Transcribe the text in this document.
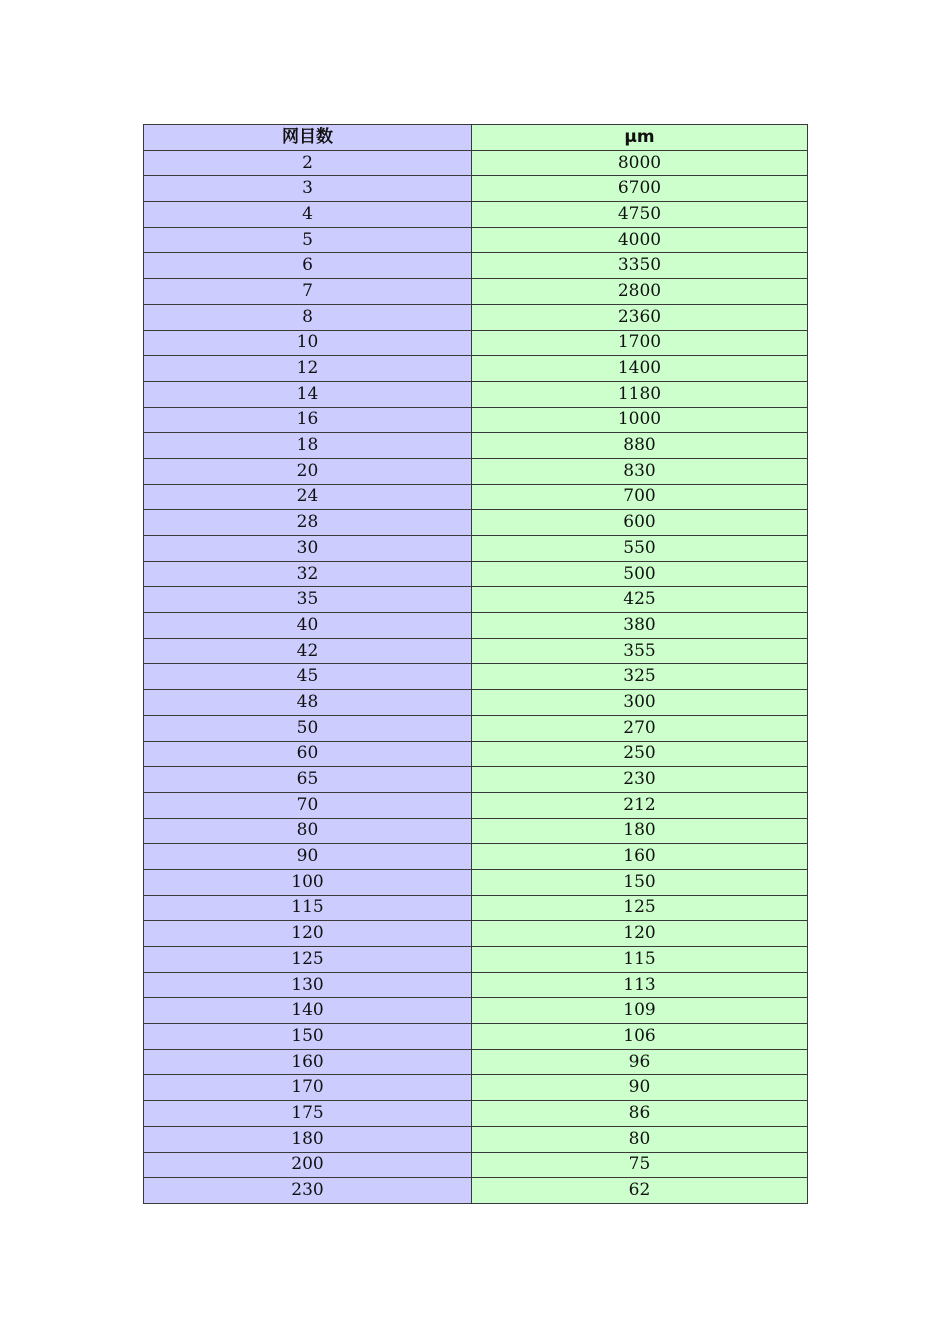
网目数	μm
2	8000
3	6700
4	4750
5	4000
6	3350
7	2800
8	2360
10	1700
12	1400
14	1180
16	1000
18	880
20	830
24	700
28	600
30	550
32	500
35	425
40	380
42	355
45	325
48	300
50	270
60	250
65	230
70	212
80	180
90	160
100	150
115	125
120	120
125	115
130	113
140	109
150	106
160	96
170	90
175	86
180	80
200	75
230	62
